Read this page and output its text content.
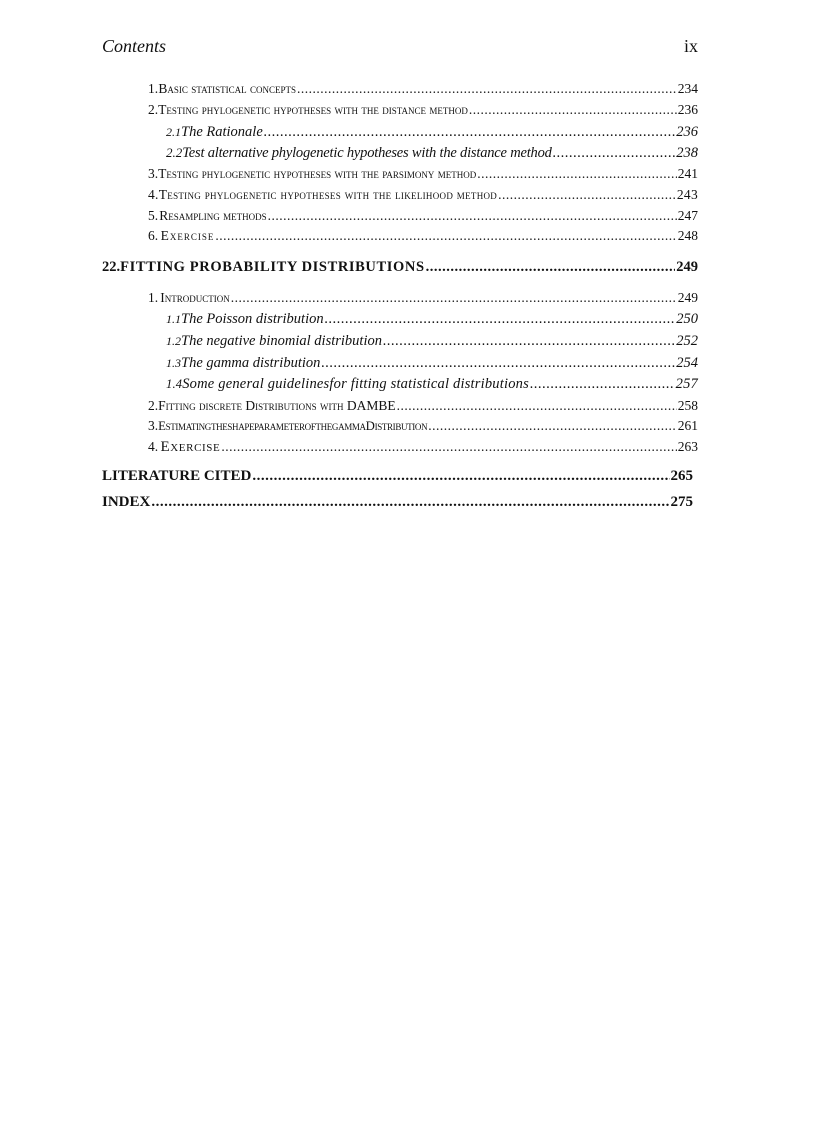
Contents	ix
1. Basic statistical concepts .....	234
2. Testing phylogenetic hypotheses with the distance method .....	236
2.1 The Rationale .....	236
2.2 Test alternative phylogenetic hypotheses with the distance method .....	238
3. Testing phylogenetic hypotheses with the parsimony method .....	241
4. Testing phylogenetic hypotheses with the likelihood method .....	243
5. Resampling methods .....	247
6. Exercise .....	248
22. FITTING PROBABILITY DISTRIBUTIONS .....	249
1. Introduction .....	249
1.1 The Poisson distribution .....	250
1.2 The negative binomial distribution .....	252
1.3 The gamma distribution .....	254
1.4 Some general guidelinesfor fitting statistical distributions .....	257
2. Fitting discrete Distributions with DAMBE .....	258
3. EstimatingtheshapeparameterofthegammaDistribution .....	261
4. Exercise .....	263
LITERATURE CITED .....	265
INDEX .....	275
